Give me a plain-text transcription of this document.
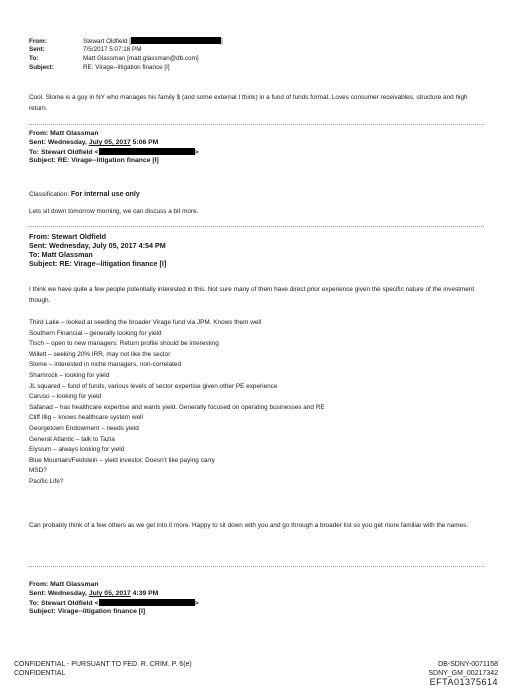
From:	Stewart Oldfield [	]
Sent:	7/5/2017 5:07:18 PM
To:	Matt Glassman [matt.glassman@db.com]
Subject:	RE: Virage--litigation finance [I]
Cool. Slome is a guy in NY who manages his family $ (and some external I think) in a fund of funds format. Loves consumer receivables, structure and high return.
From: Matt Glassman
Sent: Wednesday, July 05, 2017 5:06 PM
To: Stewart Oldfield <	>
Subject: RE: Virage--litigation finance [I]
Classification: For internal use only
Lets sit down tomorrow morning, we can discuss a bit more.
From: Stewart Oldfield
Sent: Wednesday, July 05, 2017 4:54 PM
To: Matt Glassman
Subject: RE: Virage--litigation finance [I]
I think we have quite a few people potentially interested in this. Not sure many of them have direct prior experience given the specific nature of the investment though.
Third Lake – looked at seeding the broader Virage fund via JPM. Knows them well
Southern Financial – generally looking for yield
Tisch – open to new managers. Return profile should be interesting
Willett – seeking 20% IRR, may not like the sector
Slome – interested in niche managers, non-correlated
Shamrock – looking for yield
JL squared – fund of funds, various levels of sector expertise given other PE experience
Caruso – looking for yield
Safanad – has healthcare expertise and wants yield. Generally focused on operating businesses and RE
Cliff Illig – knows healthcare system well
Georgetown Endowment – needs yield
General Atlantic – talk to Tazia
Elysium – always looking for yield
Blue Mountain/Feldstein – yield investor. Doesn’t like paying carry
MSD?
Pacific Life?
Can probably think of a few others as we get into it more. Happy to sit down with you and go through a broader list so you get more familiar with the names.
From: Matt Glassman
Sent: Wednesday, July 05, 2017 4:39 PM
To: Stewart Oldfield <	>
Subject: Virage--litigation finance [I]
CONFIDENTIAL - PURSUANT TO FED. R. CRIM. P. 6(e)
CONFIDENTIAL
DB-SDNY-0071158
SDNY_GM_00217342
EFTA01375614
